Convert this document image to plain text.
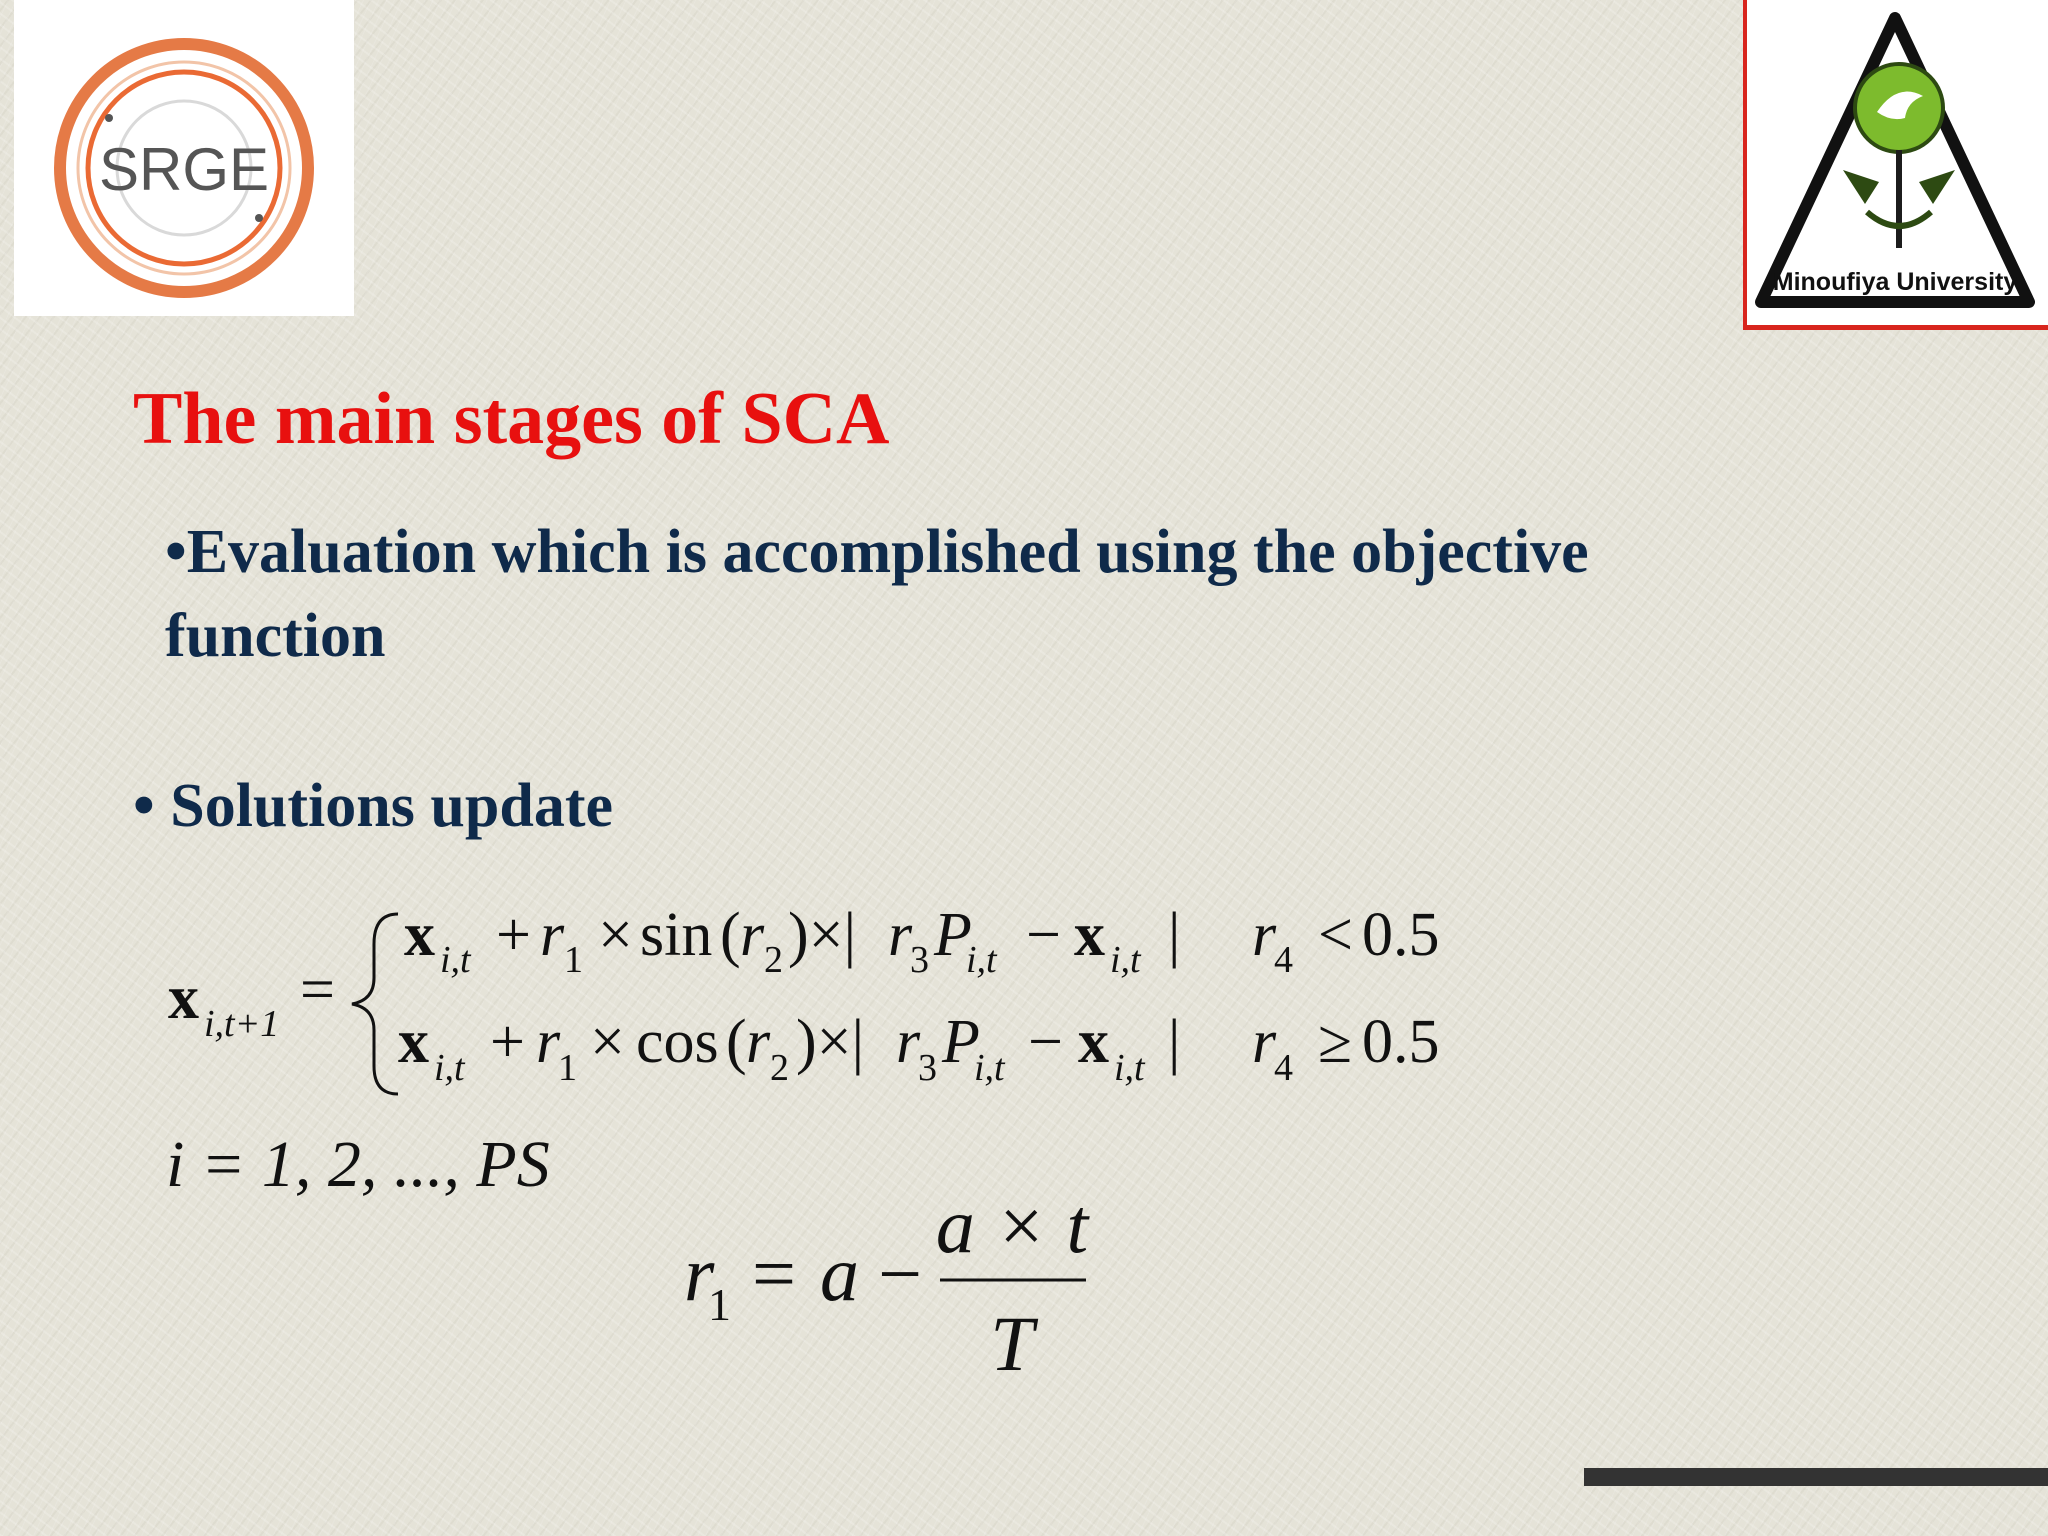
SRGE
Minoufiya University
The main stages of SCA
•Evaluation which is accomplished using the objective function
• Solutions update
x i,t+1 =
x i,t + r 1 × sin ( r 2 )×| r
3 P
i,t − x i,t | r
4 < 0.5
x i,t + r
1 × cos ( r 2 )×| r
3 P
i,t − x i,t | r
4 ≥ 0.5
i = 1, 2, ..., PS
r
1 = a −
a × t
T
